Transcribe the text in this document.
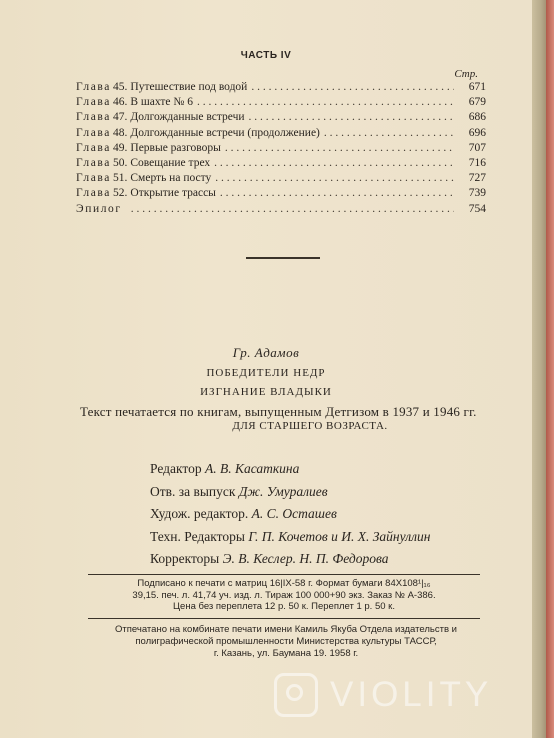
ЧАСТЬ IV
Стр.
Глава 45. Путешествие под водой . . .	671
Глава 46. В шахте № 6 . . .	679
Глава 47. Долгожданные встречи . . .	686
Глава 48. Долгожданные встречи (продолжение) . . .	696
Глава 49. Первые разговоры . . .	707
Глава 50. Совещание трех . . .	716
Глава 51. Смерть на посту . . .	727
Глава 52. Открытие трассы . . .	739
Эпилог . . .	754
Гр. Адамов
ПОБЕДИТЕЛИ НЕДР
ИЗГНАНИЕ ВЛАДЫКИ
Текст печатается по книгам, выпущенным Детгизом в 1937 и 1946 гг.
ДЛЯ СТАРШЕГО ВОЗРАСТА.
Редактор А. В. Касаткина
Отв. за выпуск Дж. Умуралиев
Худож. редактор. А. С. Осташев
Техн. Редакторы Г. П. Кочетов и И. Х. Зайнуллин
Корректоры Э. В. Кеслер. Н. П. Федорова
Подписано к печати с матриц 16|IX-58 г. Формат бумаги 84Х108¹|₁₆
39,15. печ. л. 41,74 уч. изд. л. Тираж 100 000+90 экз. Заказ № А-386.
Цена без переплета 12 р. 50 к. Переплет 1 р. 50 к.
Отпечатано на комбинате печати имени Камиль Якуба Отдела издательств и
полиграфической промышленности Министерства культуры ТАССР,
г. Казань, ул. Баумана 19. 1958 г.
VIOLITY
